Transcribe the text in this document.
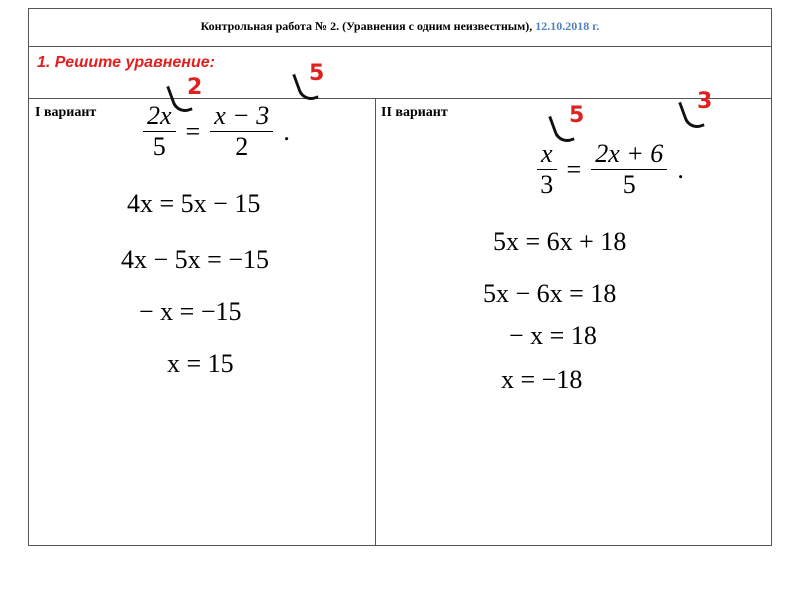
Контрольная работа № 2. (Уравнения с одним неизвестным), 12.10.2018 г.
1. Решите уравнение:
I вариант $\frac{2x}{5} = \frac{x - 3}{2}$ .
4x = 5x − 15
4x − 5x = −15
− x = −15
x = 15
2
5
II вариант
$\frac{x}{3} = \frac{2x + 6}{5}$ .
5x = 6x + 18
5x − 6x = 18
− x = 18
x = −18
5
3
